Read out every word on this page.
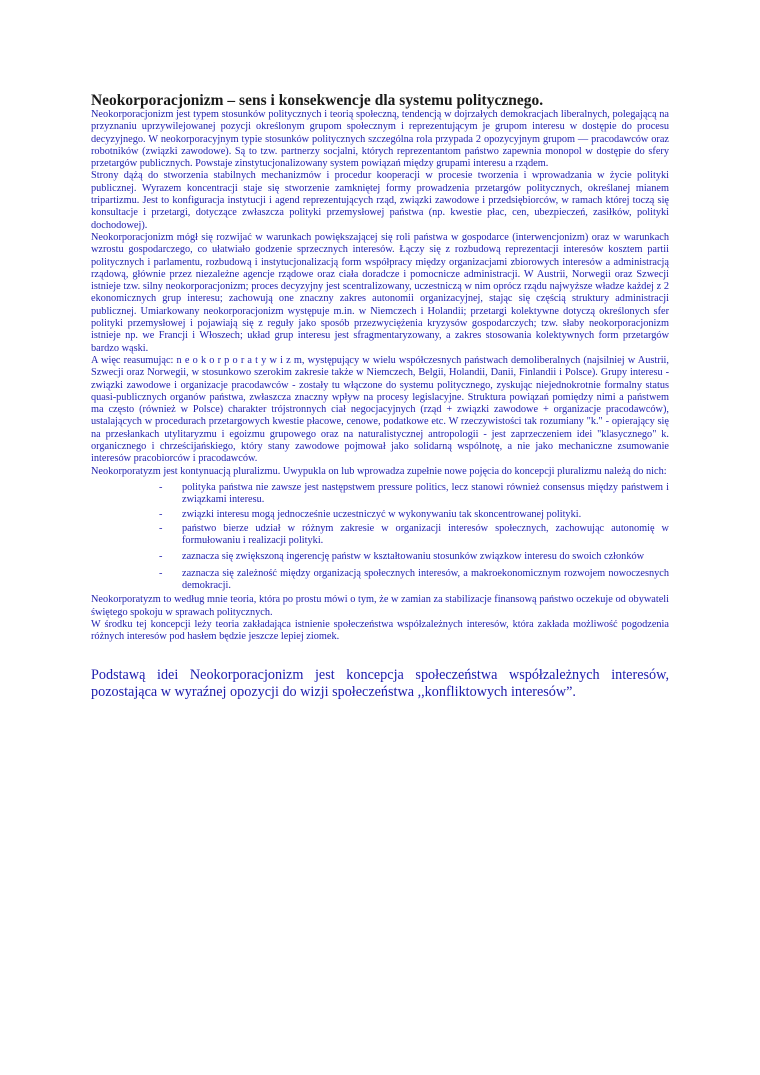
Neokorporacjonizm – sens i konsekwencje dla systemu politycznego.

Neokorporacjonizm jest typem stosunków politycznych i teorią społeczną, tendencją w dojrzałych demokracjach liberalnych, polegającą na przyznaniu uprzywilejowanej pozycji określonym grupom społecznym i reprezentującym je grupom interesu w dostępie do procesu decyzyjnego. W neokorporacyjnym typie stosunków politycznych szczególna rola przypada 2 opozycyjnym grupom — pracodawców oraz robotników (związki zawodowe). Są to tzw. partnerzy socjalni, których reprezentantom państwo zapewnia monopol w dostępie do sfery przetargów publicznych. Powstaje zinstytucjonalizowany system powiązań między grupami interesu a rządem.

Strony dążą do stworzenia stabilnych mechanizmów i procedur kooperacji w procesie tworzenia i wprowadzania w życie polityki publicznej. Wyrazem koncentracji staje się stworzenie zamkniętej formy prowadzenia przetargów politycznych, określanej mianem tripartizmu. Jest to konfiguracja instytucji i agend reprezentujących rząd, związki zawodowe i przedsiębiorców, w ramach której toczą się konsultacje i przetargi, dotyczące zwłaszcza polityki przemysłowej państwa (np. kwestie płac, cen, ubezpieczeń, zasiłków, polityki dochodowej).

Neokorporacjonizm mógł się rozwijać w warunkach powiększającej się roli państwa w gospodarce (interwencjonizm) oraz w warunkach wzrostu gospodarczego, co ułatwiało godzenie sprzecznych interesów. Łączy się z rozbudową reprezentacji interesów kosztem partii politycznych i parlamentu, rozbudową i instytucjonalizacją form współpracy między organizacjami zbiorowych interesów a administracją rządową, głównie przez niezależne agencje rządowe oraz ciała doradcze i pomocnicze administracji. W Austrii, Norwegii oraz Szwecji istnieje tzw. silny neokorporacjonizm; proces decyzyjny jest scentralizowany, uczestniczą w nim oprócz rządu najwyższe władze każdej z 2 ekonomicznych grup interesu; zachowują one znaczny zakres autonomii organizacyjnej, stając się częścią struktury administracji publicznej. Umiarkowany neokorporacjonizm występuje m.in. w Niemczech i Holandii; przetargi kolektywne dotyczą określonych sfer polityki przemysłowej i pojawiają się z reguły jako sposób przezwyciężenia kryzysów gospodarczych; tzw. słaby neokorporacjonizm istnieje np. we Francji i Włoszech; układ grup interesu jest sfragmentaryzowany, a zakres stosowania kolektywnych form przetargów bardzo wąski.

A więc reasumując: n e o k o r p o r a t y w i z m, występujący w wielu współczesnych państwach demoliberalnych (najsilniej w Austrii, Szwecji oraz Norwegii, w stosunkowo szerokim zakresie także w Niemczech, Belgii, Holandii, Danii, Finlandii i Polsce). Grupy interesu - związki zawodowe i organizacje pracodawców - zostały tu włączone do systemu politycznego, zyskując niejednokrotnie formalny status quasi-publicznych organów państwa, zwłaszcza znaczny wpływ na procesy legislacyjne. Struktura powiązań pomiędzy nimi a państwem ma często (również w Polsce) charakter trójstronnych ciał negocjacyjnych (rząd + związki zawodowe + organizacje pracodawców), ustalających w procedurach przetargowych kwestie płacowe, cenowe, podatkowe etc. W rzeczywistości tak rozumiany "k." - opierający się na przesłankach utylitaryzmu i egoizmu grupowego oraz na naturalistycznej antropologii - jest zaprzeczeniem idei "klasycznego" k. organicznego i chrześcijańskiego, który stany zawodowe pojmował jako solidarną wspólnotę, a nie jako mechaniczne zsumowanie interesów pracobiorców i pracodawców.

Neokorporatyzm jest kontynuacją pluralizmu. Uwypukla on lub wprowadza zupełnie nowe pojęcia do koncepcji pluralizmu należą do nich:

- polityka państwa nie zawsze jest następstwem pressure politics, lecz stanowi również consensus między państwem i związkami interesu.
- związki interesu mogą jednocześnie uczestniczyć w wykonywaniu tak skoncentrowanej polityki.
- państwo bierze udział w różnym zakresie w organizacji interesów społecznych, zachowując autonomię w formułowaniu i realizacji polityki.
- zaznacza się zwiększoną ingerencję państw w kształtowaniu stosunków związkow interesu do swoich członków
- zaznacza się zależność między organizacją społecznych interesów, a makroekonomicznym rozwojem nowoczesnych demokracji.

Neokorporatyzm to według mnie teoria, która po prostu mówi o tym, że w zamian za stabilizacje finansową państwo oczekuje od obywateli świętego spokoju w sprawach politycznych.

W środku tej koncepcji leży teoria zakładająca istnienie społeczeństwa współzależnych interesów, która zakłada możliwość pogodzenia różnych interesów pod hasłem będzie jeszcze lepiej ziomek.

Podstawą idei Neokorporacjonizm jest koncepcja społeczeństwa współzależnych interesów, pozostająca w wyraźnej opozycji do wizji społeczeństwa ,,konfliktowych interesów”.
